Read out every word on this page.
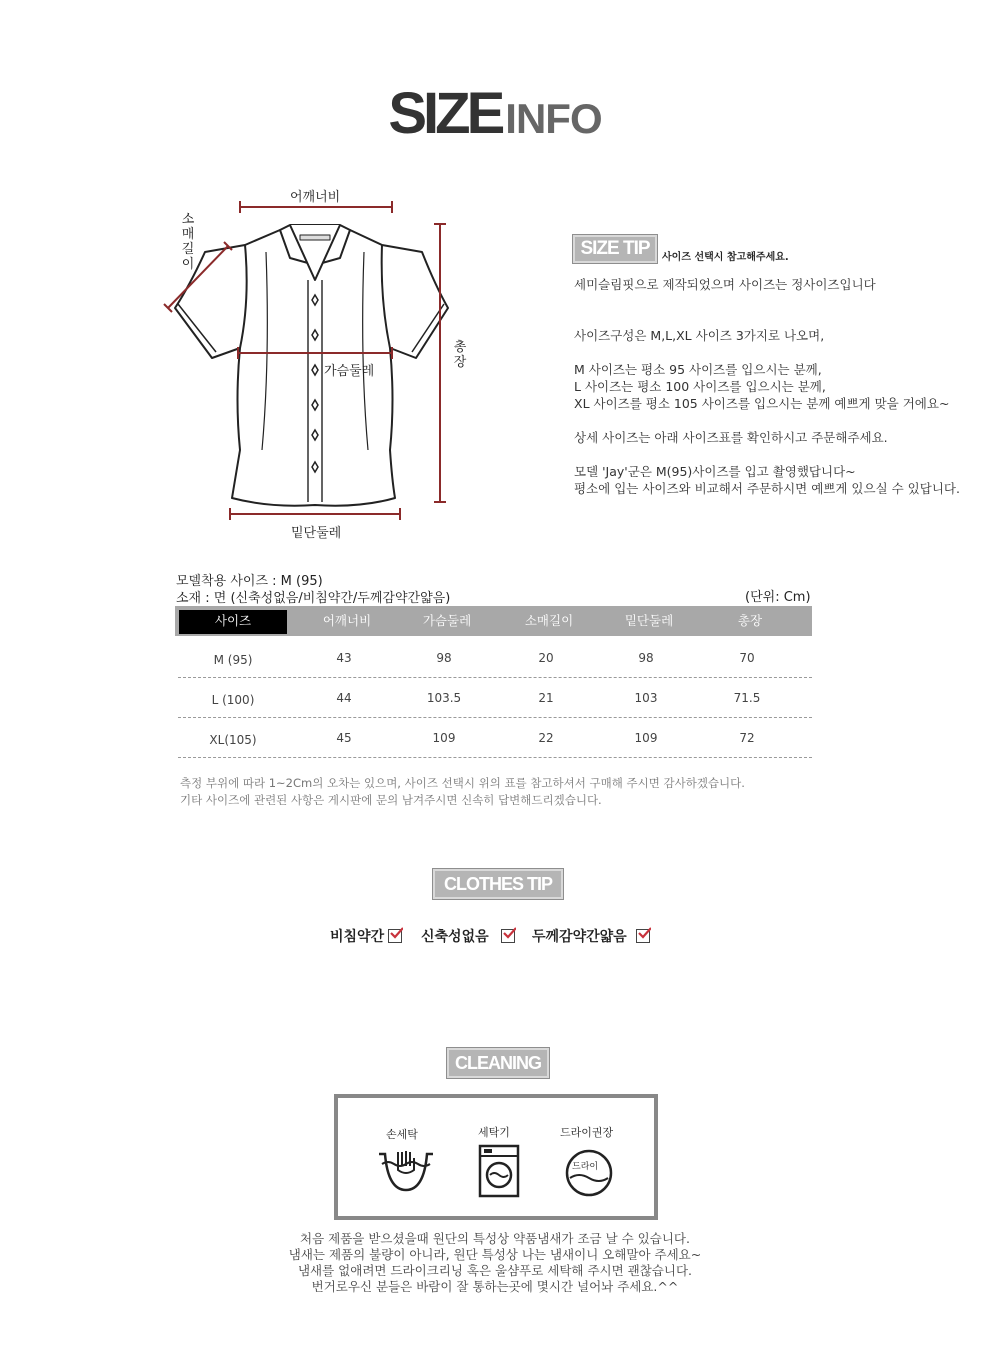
SIZEINFO
어깨너비
소매길이
가슴둘레
총장
밑단둘레
SIZE TIP	사이즈 선택시 참고해주세요.
세미슬림핏으로 제작되었으며 사이즈는 정사이즈입니다
사이즈구성은 M,L,XL 사이즈 3가지로 나오며,
M 사이즈는 평소 95 사이즈를 입으시는 분께,
L 사이즈는 평소 100 사이즈를 입으시는 분께,
XL 사이즈를 평소 105 사이즈를 입으시는 분께 예쁘게 맞을 거에요~
상세 사이즈는 아래 사이즈표를 확인하시고 주문해주세요.
모델 'Jay'군은 M(95)사이즈를 입고 촬영했답니다~
평소에 입는 사이즈와 비교해서 주문하시면 예쁘게 있으실 수 있답니다.
모델착용 사이즈 : M (95)
소재 : 면 (신축성없음/비침약간/두께감약간얇음)	(단위: Cm)
사이즈	어깨너비	가슴둘레	소매길이	밑단둘레	총장
M (95)	43	98	20	98	70
L (100)	44	103.5	21	103	71.5
XL(105)	45	109	22	109	72
측정 부위에 따라 1~2Cm의 오차는 있으며, 사이즈 선택시 위의 표를 참고하셔서 구매해 주시면 감사하겠습니다.
기타 사이즈에 관련된 사항은 게시판에 문의 남겨주시면 신속히 답변해드리겠습니다.
CLOTHES TIP
비침약간	신축성없음	두께감약간얇음
CLEANING
손세탁	세탁기	드라이권장
드라이
처음 제품을 받으셨을때 원단의 특성상 약품냄새가 조금 날 수 있습니다.
냄새는 제품의 불량이 아니라, 원단 특성상 나는 냄새이니 오해말아 주세요~
냄새를 없애려면 드라이크리닝 혹은 울샴푸로 세탁해 주시면 괜찮습니다.
번거로우신 분들은 바람이 잘 통하는곳에 몇시간 널어놔 주세요.^^
